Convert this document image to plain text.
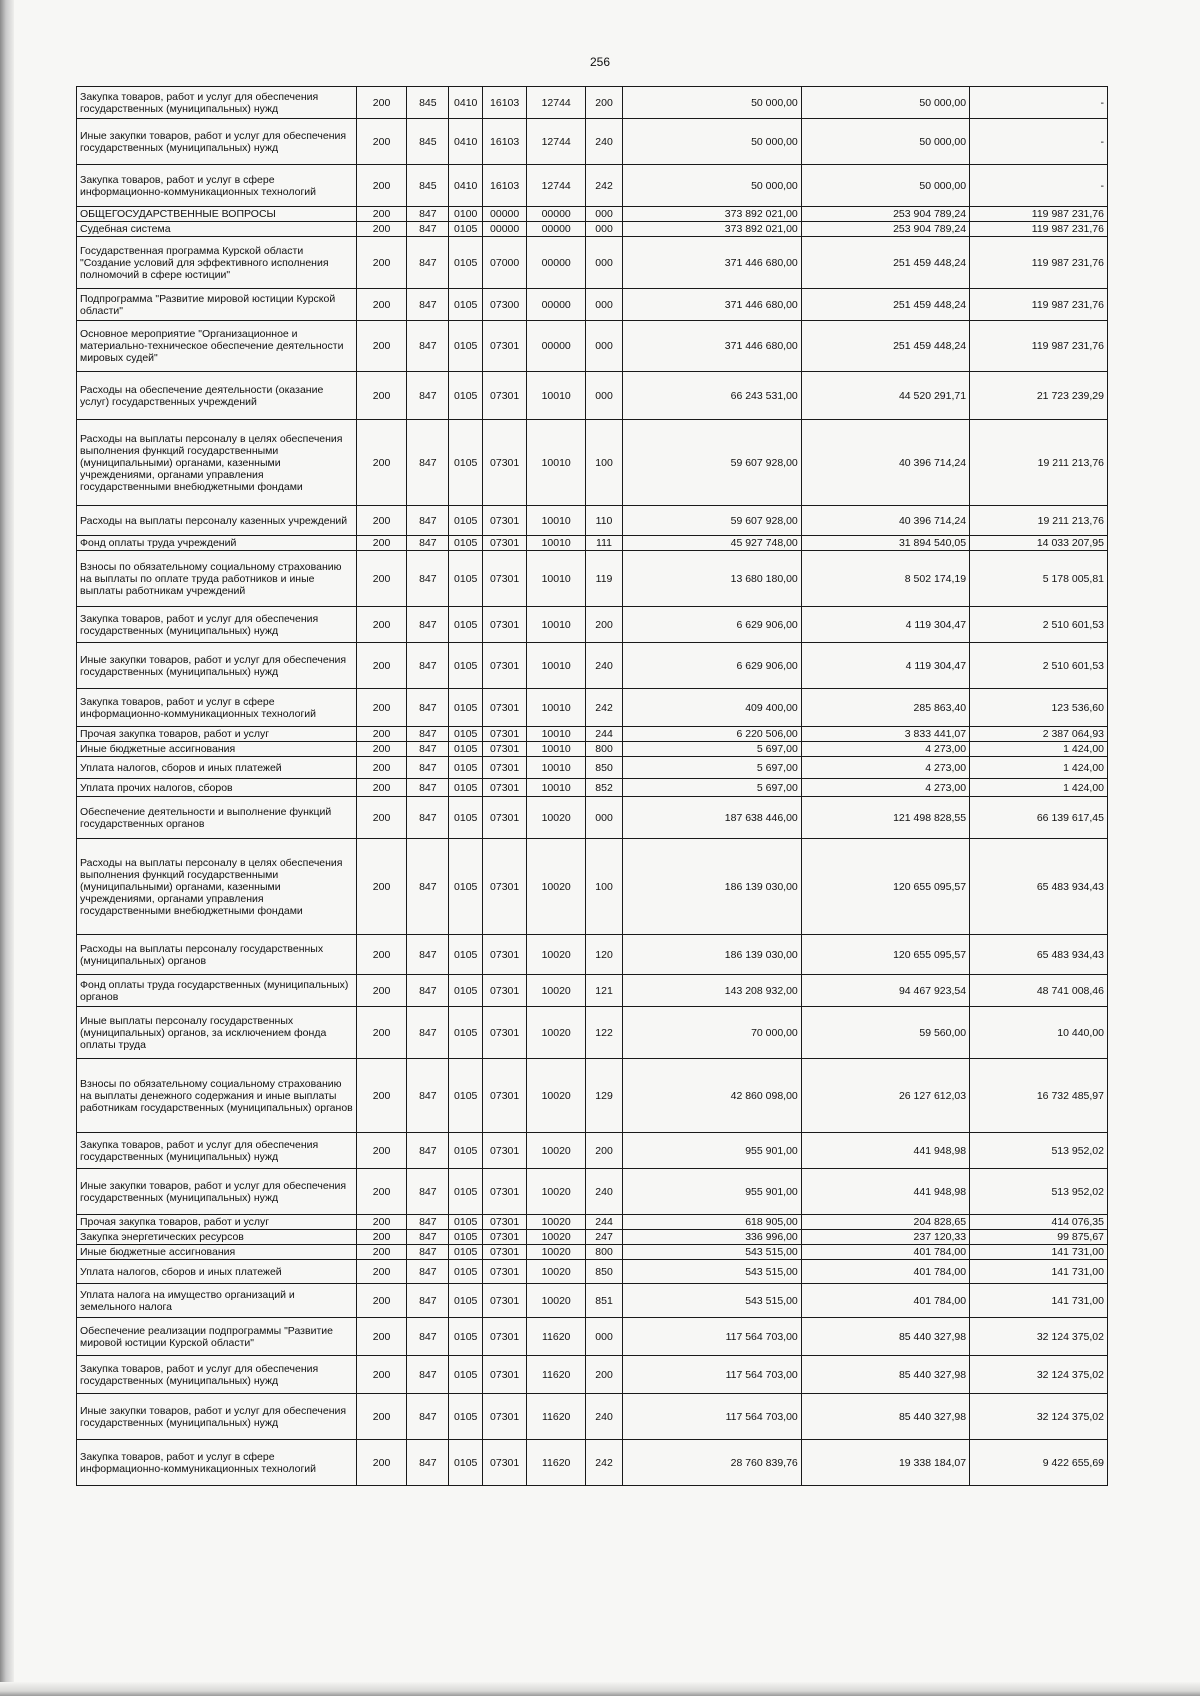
256
Закупка товаров, работ и услуг для обеспечения государственных (муниципальных) нужд	200	845	0410	16103	12744	200	50 000,00	50 000,00	-
Иные закупки товаров, работ и услуг для обеспечения государственных (муниципальных) нужд	200	845	0410	16103	12744	240	50 000,00	50 000,00	-
Закупка товаров, работ и услуг в сфере информационно-коммуникационных технологий	200	845	0410	16103	12744	242	50 000,00	50 000,00	-
ОБЩЕГОСУДАРСТВЕННЫЕ ВОПРОСЫ	200	847	0100	00000	00000	000	373 892 021,00	253 904 789,24	119 987 231,76
Судебная система	200	847	0105	00000	00000	000	373 892 021,00	253 904 789,24	119 987 231,76
Государственная программа Курской области "Создание условий для эффективного исполнения полномочий в сфере юстиции"	200	847	0105	07000	00000	000	371 446 680,00	251 459 448,24	119 987 231,76
Подпрограмма "Развитие мировой юстиции Курской области"	200	847	0105	07300	00000	000	371 446 680,00	251 459 448,24	119 987 231,76
Основное мероприятие "Организационное и материально-техническое обеспечение деятельности мировых судей"	200	847	0105	07301	00000	000	371 446 680,00	251 459 448,24	119 987 231,76
Расходы на обеспечение деятельности (оказание услуг) государственных учреждений	200	847	0105	07301	10010	000	66 243 531,00	44 520 291,71	21 723 239,29
Расходы на выплаты персоналу в целях обеспечения выполнения функций государственными (муниципальными) органами, казенными учреждениями, органами управления государственными внебюджетными фондами	200	847	0105	07301	10010	100	59 607 928,00	40 396 714,24	19 211 213,76
Расходы на выплаты персоналу казенных учреждений	200	847	0105	07301	10010	110	59 607 928,00	40 396 714,24	19 211 213,76
Фонд оплаты труда учреждений	200	847	0105	07301	10010	111	45 927 748,00	31 894 540,05	14 033 207,95
Взносы по обязательному социальному страхованию на выплаты по оплате труда работников и иные выплаты работникам учреждений	200	847	0105	07301	10010	119	13 680 180,00	8 502 174,19	5 178 005,81
Закупка товаров, работ и услуг для обеспечения государственных (муниципальных) нужд	200	847	0105	07301	10010	200	6 629 906,00	4 119 304,47	2 510 601,53
Иные закупки товаров, работ и услуг для обеспечения государственных (муниципальных) нужд	200	847	0105	07301	10010	240	6 629 906,00	4 119 304,47	2 510 601,53
Закупка товаров, работ и услуг в сфере информационно-коммуникационных технологий	200	847	0105	07301	10010	242	409 400,00	285 863,40	123 536,60
Прочая закупка товаров, работ и услуг	200	847	0105	07301	10010	244	6 220 506,00	3 833 441,07	2 387 064,93
Иные бюджетные ассигнования	200	847	0105	07301	10010	800	5 697,00	4 273,00	1 424,00
Уплата налогов, сборов и иных платежей	200	847	0105	07301	10010	850	5 697,00	4 273,00	1 424,00
Уплата прочих налогов, сборов	200	847	0105	07301	10010	852	5 697,00	4 273,00	1 424,00
Обеспечение деятельности и выполнение функций государственных органов	200	847	0105	07301	10020	000	187 638 446,00	121 498 828,55	66 139 617,45
Расходы на выплаты персоналу в целях обеспечения выполнения функций государственными (муниципальными) органами, казенными учреждениями, органами управления государственными внебюджетными фондами	200	847	0105	07301	10020	100	186 139 030,00	120 655 095,57	65 483 934,43
Расходы на выплаты персоналу государственных (муниципальных) органов	200	847	0105	07301	10020	120	186 139 030,00	120 655 095,57	65 483 934,43
Фонд оплаты труда государственных (муниципальных) органов	200	847	0105	07301	10020	121	143 208 932,00	94 467 923,54	48 741 008,46
Иные выплаты персоналу государственных (муниципальных) органов, за исключением фонда оплаты труда	200	847	0105	07301	10020	122	70 000,00	59 560,00	10 440,00
Взносы по обязательному социальному страхованию на выплаты денежного содержания и иные выплаты работникам государственных (муниципальных) органов	200	847	0105	07301	10020	129	42 860 098,00	26 127 612,03	16 732 485,97
Закупка товаров, работ и услуг для обеспечения государственных (муниципальных) нужд	200	847	0105	07301	10020	200	955 901,00	441 948,98	513 952,02
Иные закупки товаров, работ и услуг для обеспечения государственных (муниципальных) нужд	200	847	0105	07301	10020	240	955 901,00	441 948,98	513 952,02
Прочая закупка товаров, работ и услуг	200	847	0105	07301	10020	244	618 905,00	204 828,65	414 076,35
Закупка энергетических ресурсов	200	847	0105	07301	10020	247	336 996,00	237 120,33	99 875,67
Иные бюджетные ассигнования	200	847	0105	07301	10020	800	543 515,00	401 784,00	141 731,00
Уплата налогов, сборов и иных платежей	200	847	0105	07301	10020	850	543 515,00	401 784,00	141 731,00
Уплата налога на имущество организаций и земельного налога	200	847	0105	07301	10020	851	543 515,00	401 784,00	141 731,00
Обеспечение реализации подпрограммы "Развитие мировой юстиции Курской области"	200	847	0105	07301	11620	000	117 564 703,00	85 440 327,98	32 124 375,02
Закупка товаров, работ и услуг для обеспечения государственных (муниципальных) нужд	200	847	0105	07301	11620	200	117 564 703,00	85 440 327,98	32 124 375,02
Иные закупки товаров, работ и услуг для обеспечения государственных (муниципальных) нужд	200	847	0105	07301	11620	240	117 564 703,00	85 440 327,98	32 124 375,02
Закупка товаров, работ и услуг в сфере информационно-коммуникационных технологий	200	847	0105	07301	11620	242	28 760 839,76	19 338 184,07	9 422 655,69
